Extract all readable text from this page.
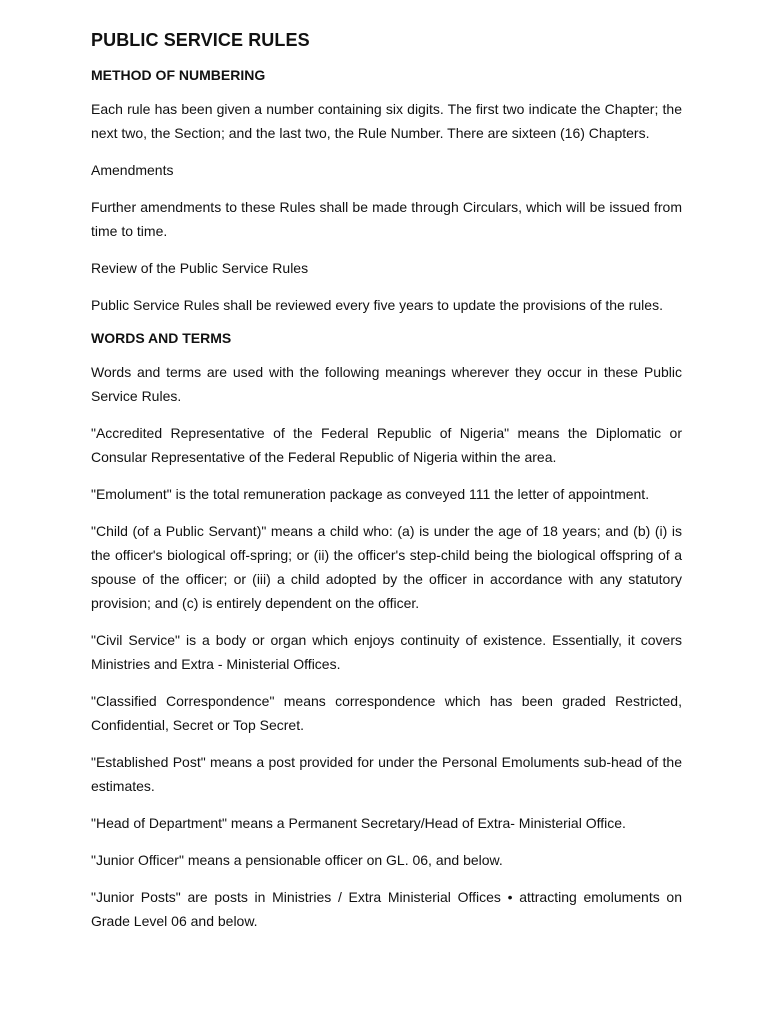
PUBLIC SERVICE RULES
METHOD OF NUMBERING

Each rule has been given a number containing six digits. The first two indicate the Chapter; the next two, the Section; and the last two, the Rule Number. There are sixteen (16) Chapters.

Amendments

Further amendments to these Rules shall be made through Circulars, which will be issued from time to time.

Review of the Public Service Rules

Public Service Rules shall be reviewed every five years to update the provisions of the rules.

WORDS AND TERMS

Words and terms are used with the following meanings wherever they occur in these Public Service Rules.

"Accredited Representative of the Federal Republic of Nigeria" means the Diplomatic or Consular Representative of the Federal Republic of Nigeria within the area.

"Emolument" is the total remuneration package as conveyed 111 the letter of appointment.

"Child (of a Public Servant)" means a child who: (a) is under the age of 18 years; and (b) (i) is the officer's biological off-spring; or (ii) the officer's step-child being the biological offspring of a spouse of the officer; or (iii) a child adopted by the officer in accordance with any statutory provision; and (c) is entirely dependent on the officer.

"Civil Service" is a body or organ which enjoys continuity of existence. Essentially, it covers Ministries and Extra - Ministerial Offices.

"Classified Correspondence" means correspondence which has been graded Restricted, Confidential, Secret or Top Secret.

"Established Post" means a post provided for under the Personal Emoluments sub-head of the estimates.

"Head of Department" means a Permanent Secretary/Head of Extra- Ministerial Office.

"Junior Officer" means a pensionable officer on GL. 06, and below.

"Junior Posts" are posts in Ministries / Extra Ministerial Offices • attracting emoluments on Grade Level 06 and below.
